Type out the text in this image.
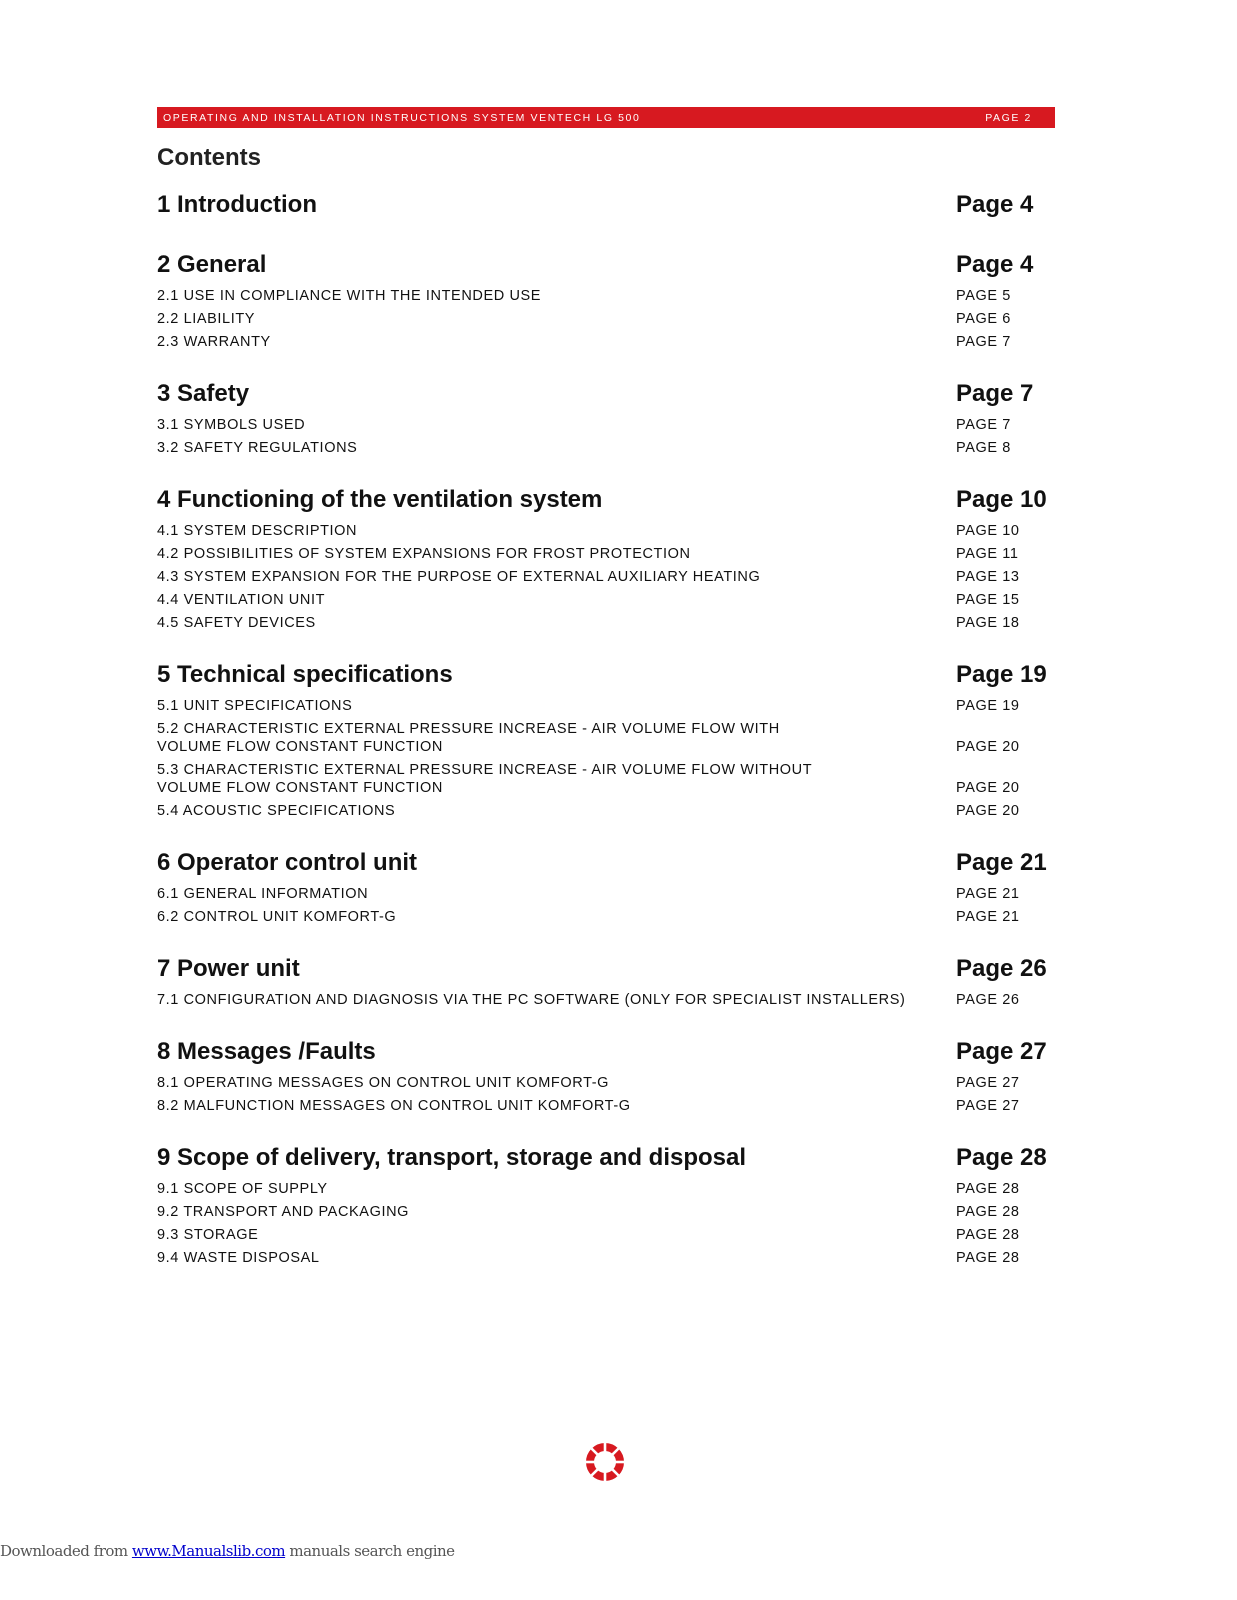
OPERATING AND INSTALLATION INSTRUCTIONS SYSTEM VENTECH LG 500	PAGE 2
Contents
1 Introduction	Page 4
2 General	Page 4
2.1 USE IN COMPLIANCE WITH THE INTENDED USE	PAGE 5
2.2 LIABILITY	PAGE 6
2.3 WARRANTY	PAGE 7
3 Safety	Page 7
3.1 SYMBOLS USED	PAGE 7
3.2 SAFETY REGULATIONS	PAGE 8
4 Functioning of the ventilation system	Page 10
4.1 SYSTEM DESCRIPTION	PAGE 10
4.2 POSSIBILITIES OF SYSTEM EXPANSIONS FOR FROST PROTECTION	PAGE 11
4.3 SYSTEM EXPANSION FOR THE PURPOSE OF EXTERNAL AUXILIARY HEATING	PAGE 13
4.4 VENTILATION UNIT	PAGE 15
4.5 SAFETY DEVICES	PAGE 18
5 Technical specifications	Page 19
5.1 UNIT SPECIFICATIONS	PAGE 19
5.2 CHARACTERISTIC EXTERNAL PRESSURE INCREASE - AIR VOLUME FLOW WITH
VOLUME FLOW CONSTANT FUNCTION	PAGE 20
5.3 CHARACTERISTIC EXTERNAL PRESSURE INCREASE - AIR VOLUME FLOW WITHOUT
VOLUME FLOW CONSTANT FUNCTION	PAGE 20
5.4 ACOUSTIC SPECIFICATIONS	PAGE 20
6 Operator control unit	Page 21
6.1 GENERAL INFORMATION	PAGE 21
6.2 CONTROL UNIT KOMFORT-G	PAGE 21
7 Power unit	Page 26
7.1 CONFIGURATION AND DIAGNOSIS VIA THE PC SOFTWARE (ONLY FOR SPECIALIST INSTALLERS)	PAGE 26
8 Messages /Faults	Page 27
8.1 OPERATING MESSAGES ON CONTROL UNIT KOMFORT-G	PAGE 27
8.2 MALFUNCTION MESSAGES ON CONTROL UNIT KOMFORT-G	PAGE 27
9 Scope of delivery, transport, storage and disposal	Page 28
9.1 SCOPE OF SUPPLY	PAGE 28
9.2 TRANSPORT AND PACKAGING	PAGE 28
9.3 STORAGE	PAGE 28
9.4 WASTE DISPOSAL	PAGE 28
Downloaded from www.Manualslib.com manuals search engine
